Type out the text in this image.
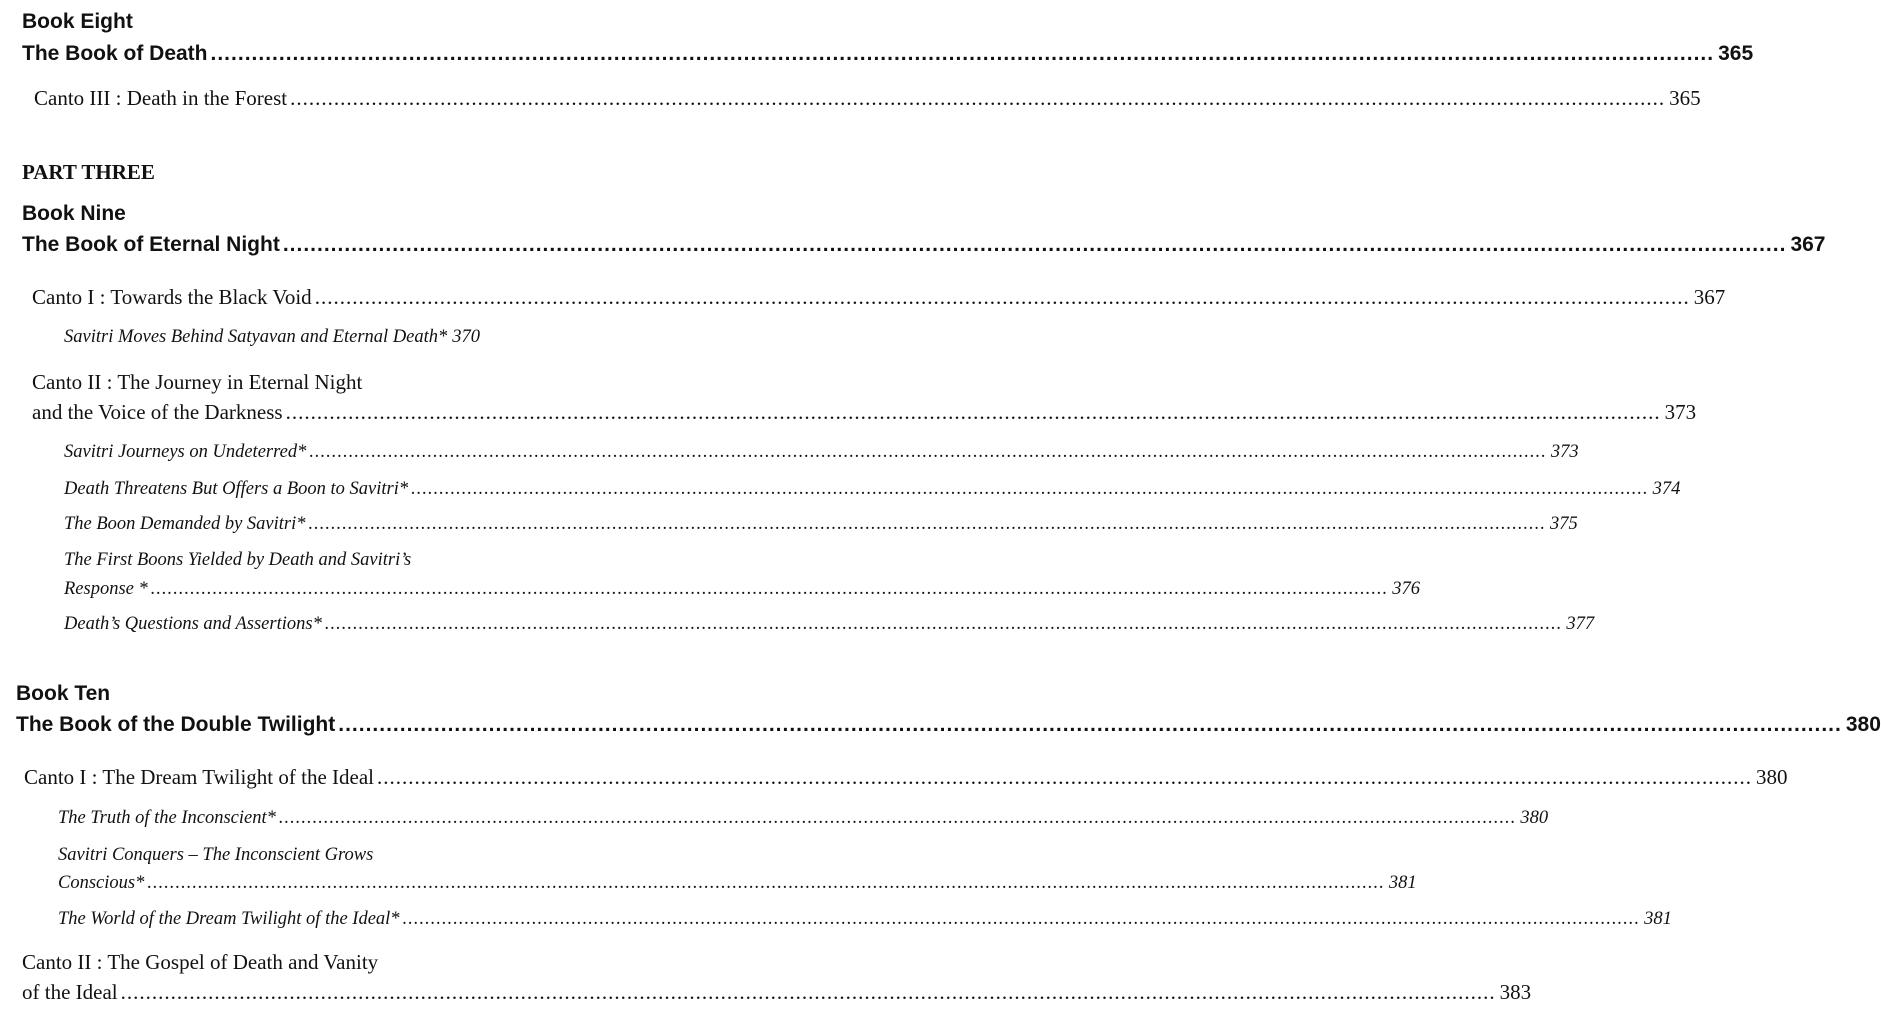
Book Eight
The Book of Death ............................................................................................................................................................................................................................ 365
Canto III : Death in the Forest ............................................................................................................................................................................................................................ 365
PART THREE
Book Nine
The Book of Eternal Night ............................................................................................................................................................................................................................ 367
Canto I : Towards the Black Void ............................................................................................................................................................................................................................ 367
Savitri Moves Behind Satyavan and Eternal Death* 370
Canto II : The Journey in Eternal Night
and the Voice of the Darkness ............................................................................................................................................................................................................................ 373
Savitri Journeys on Undeterred* ............................................................................................................................................................................................................................ 373
Death Threatens But Offers a Boon to Savitri* ............................................................................................................................................................................................................................ 374
The Boon Demanded by Savitri* ............................................................................................................................................................................................................................ 375
The First Boons Yielded by Death and Savitri’s
Response * ............................................................................................................................................................................................................................ 376
Death’s Questions and Assertions* ............................................................................................................................................................................................................................ 377
Book Ten
The Book of the Double Twilight ............................................................................................................................................................................................................................ 380
Canto I : The Dream Twilight of the Ideal ............................................................................................................................................................................................................................ 380
The Truth of the Inconscient* ............................................................................................................................................................................................................................ 380
Savitri Conquers – The Inconscient Grows
Conscious* ............................................................................................................................................................................................................................ 381
The World of the Dream Twilight of the Ideal* ............................................................................................................................................................................................................................ 381
Canto II : The Gospel of Death and Vanity
of the Ideal ............................................................................................................................................................................................................................ 383
